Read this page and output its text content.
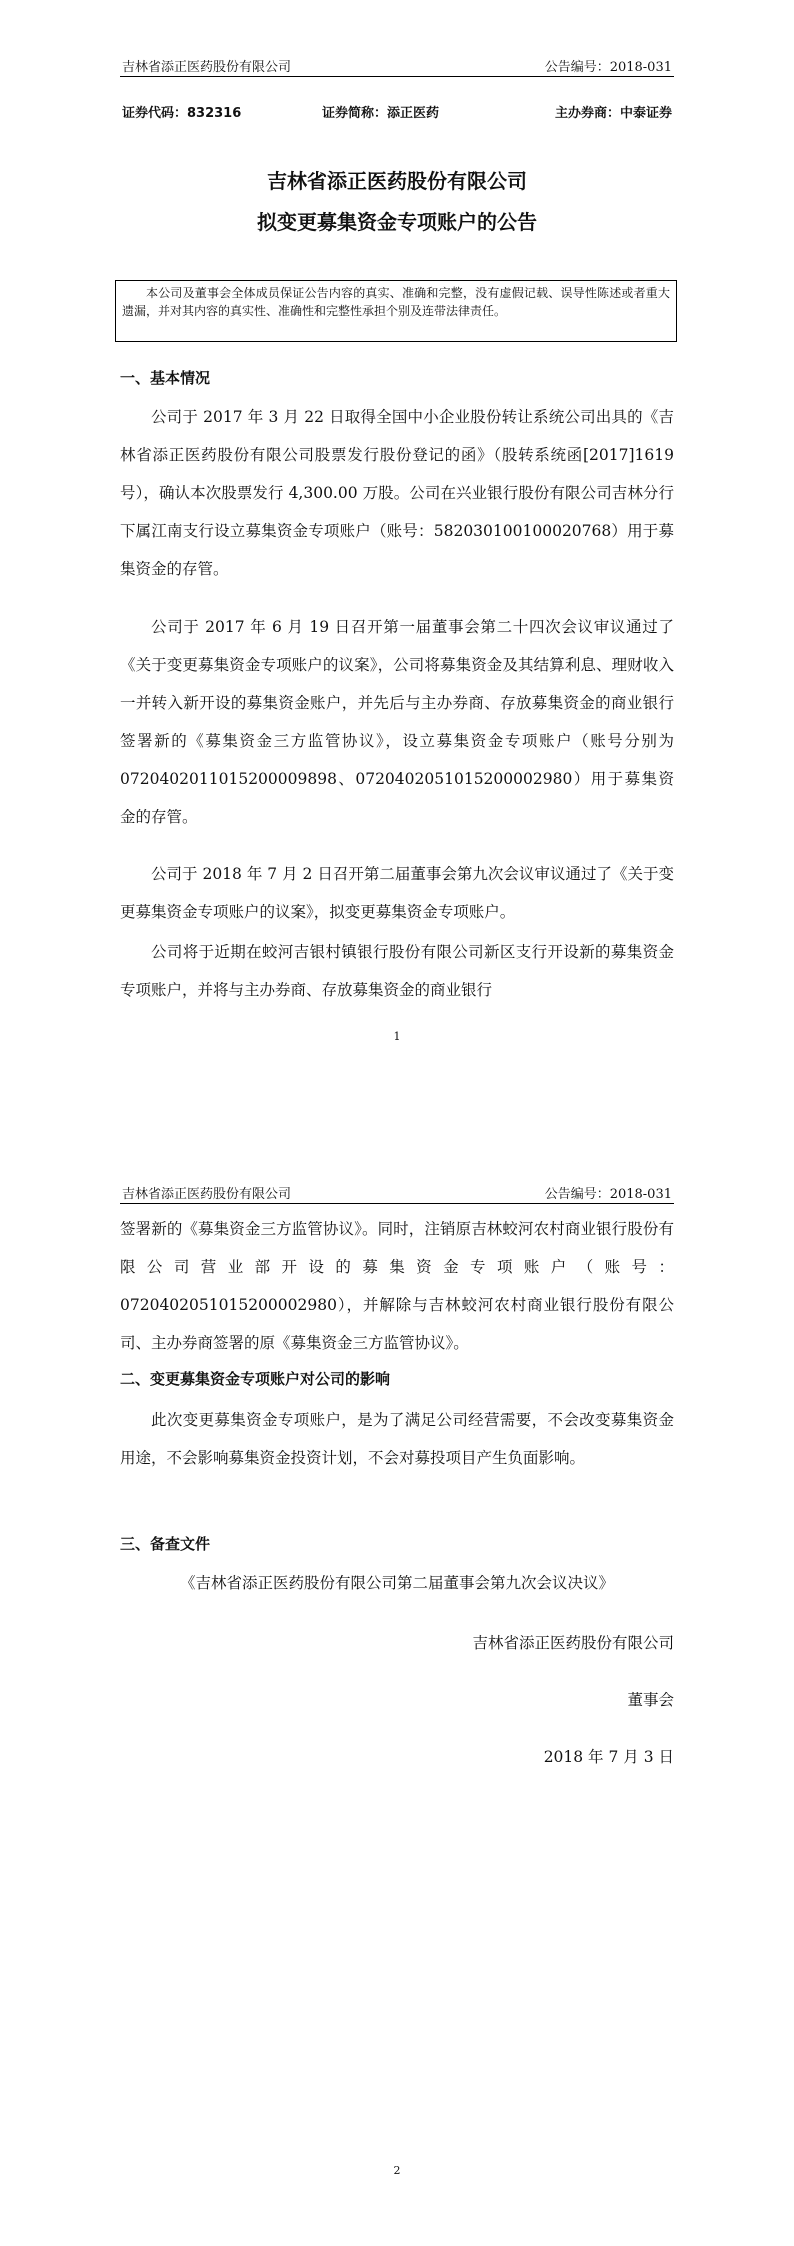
吉林省添正医药股份有限公司	公告编号：2018-031
证券代码：832316	证券简称：添正医药	主办券商：中泰证券
吉林省添正医药股份有限公司
拟变更募集资金专项账户的公告
本公司及董事会全体成员保证公告内容的真实、准确和完整，没有虚假记载、误导性陈述或者重大遗漏，并对其内容的真实性、准确性和完整性承担个别及连带法律责任。
一、基本情况
公司于 2017 年 3 月 22 日取得全国中小企业股份转让系统公司出具的《吉林省添正医药股份有限公司股票发行股份登记的函》（股转系统函[2017]1619 号），确认本次股票发行 4,300.00 万股。公司在兴业银行股份有限公司吉林分行下属江南支行设立募集资金专项账户（账号：582030100100020768）用于募集资金的存管。
公司于 2017 年 6 月 19 日召开第一届董事会第二十四次会议审议通过了《关于变更募集资金专项账户的议案》，公司将募集资金及其结算利息、理财收入一并转入新开设的募集资金账户，并先后与主办券商、存放募集资金的商业银行签署新的《募集资金三方监管协议》，设立募集资金专项账户（账号分别为 0720402011015200009898、0720402051015200002980）用于募集资金的存管。
公司于 2018 年 7 月 2 日召开第二届董事会第九次会议审议通过了《关于变更募集资金专项账户的议案》，拟变更募集资金专项账户。
公司将于近期在蛟河吉银村镇银行股份有限公司新区支行开设新的募集资金专项账户，并将与主办券商、存放募集资金的商业银行
1
吉林省添正医药股份有限公司	公告编号：2018-031
签署新的《募集资金三方监管协议》。同时，注销原吉林蛟河农村商业银行股份有限公司营业部开设的募集资金专项账户（账号：0720402051015200002980），并解除与吉林蛟河农村商业银行股份有限公司、主办券商签署的原《募集资金三方监管协议》。
二、变更募集资金专项账户对公司的影响
此次变更募集资金专项账户，是为了满足公司经营需要，不会改变募集资金用途，不会影响募集资金投资计划，不会对募投项目产生负面影响。
三、备查文件
《吉林省添正医药股份有限公司第二届董事会第九次会议决议》
吉林省添正医药股份有限公司
董事会
2018 年 7 月 3 日
2
